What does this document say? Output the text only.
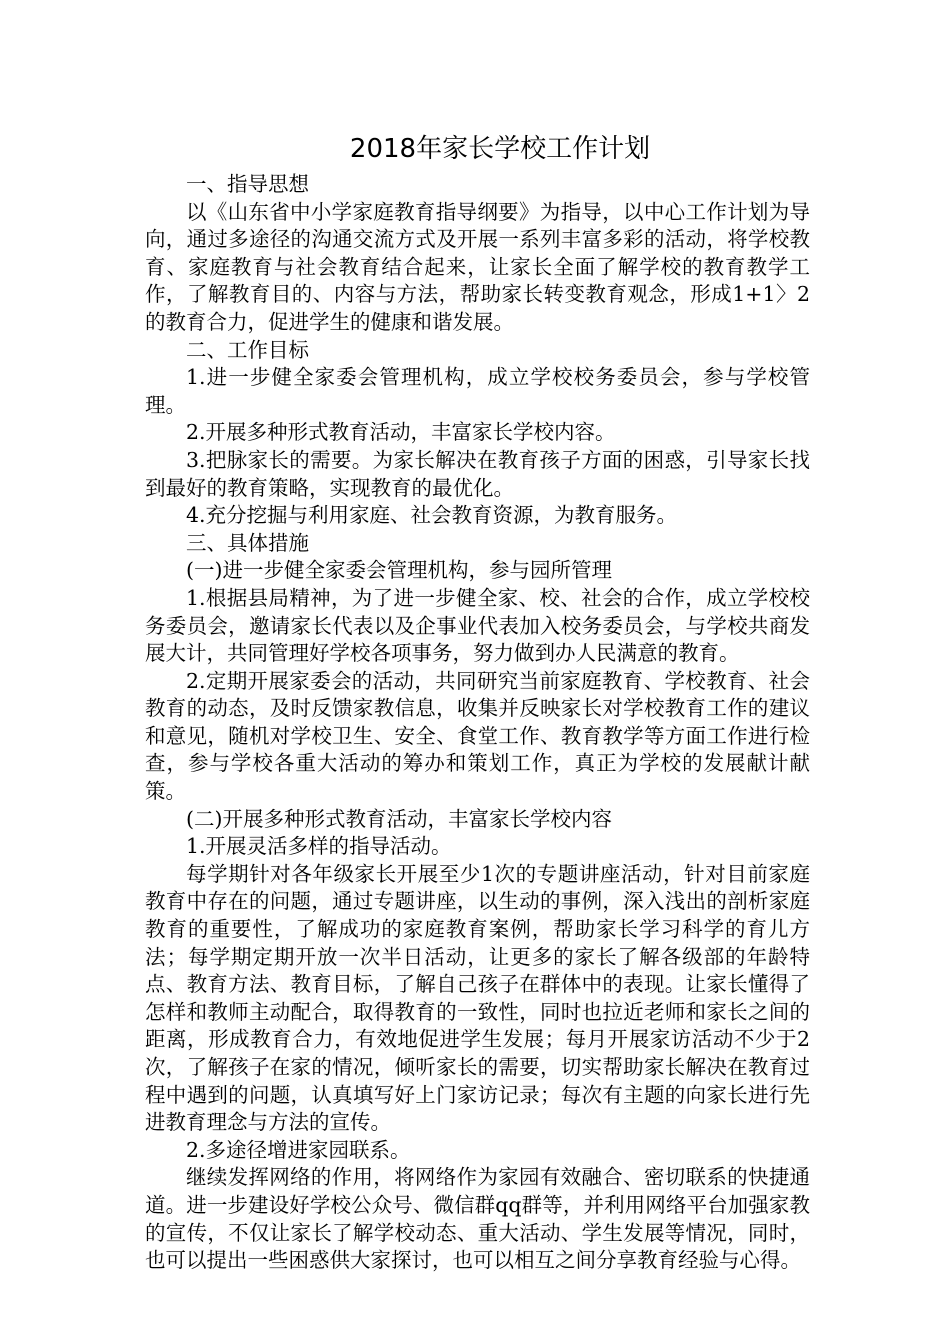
2018年家长学校工作计划

一、指导思想

以《山东省中小学家庭教育指导纲要》为指导，以中心工作计划为导向，通过多途径的沟通交流方式及开展一系列丰富多彩的活动，将学校教育、家庭教育与社会教育结合起来，让家长全面了解学校的教育教学工作，了解教育目的、内容与方法，帮助家长转变教育观念，形成1+1〉2的教育合力，促进学生的健康和谐发展。

二、工作目标

1.进一步健全家委会管理机构，成立学校校务委员会，参与学校管理。

2.开展多种形式教育活动，丰富家长学校内容。

3.把脉家长的需要。为家长解决在教育孩子方面的困惑，引导家长找到最好的教育策略，实现教育的最优化。

4.充分挖掘与利用家庭、社会教育资源，为教育服务。

三、具体措施

(一)进一步健全家委会管理机构，参与园所管理

1.根据县局精神，为了进一步健全家、校、社会的合作，成立学校校务委员会，邀请家长代表以及企事业代表加入校务委员会，与学校共商发展大计，共同管理好学校各项事务，努力做到办人民满意的教育。

2.定期开展家委会的活动，共同研究当前家庭教育、学校教育、社会教育的动态，及时反馈家教信息，收集并反映家长对学校教育工作的建议和意见，随机对学校卫生、安全、食堂工作、教育教学等方面工作进行检查，参与学校各重大活动的筹办和策划工作，真正为学校的发展献计献策。

(二)开展多种形式教育活动，丰富家长学校内容

1.开展灵活多样的指导活动。

每学期针对各年级家长开展至少1次的专题讲座活动，针对目前家庭教育中存在的问题，通过专题讲座，以生动的事例，深入浅出的剖析家庭教育的重要性，了解成功的家庭教育案例，帮助家长学习科学的育儿方法；每学期定期开放一次半日活动，让更多的家长了解各级部的年龄特点、教育方法、教育目标，了解自己孩子在群体中的表现。让家长懂得了怎样和教师主动配合，取得教育的一致性，同时也拉近老师和家长之间的距离，形成教育合力，有效地促进学生发展；每月开展家访活动不少于2次，了解孩子在家的情况，倾听家长的需要，切实帮助家长解决在教育过程中遇到的问题，认真填写好上门家访记录；每次有主题的向家长进行先进教育理念与方法的宣传。

2.多途径增进家园联系。

继续发挥网络的作用，将网络作为家园有效融合、密切联系的快捷通道。进一步建设好学校公众号、微信群qq群等，并利用网络平台加强家教的宣传，不仅让家长了解学校动态、重大活动、学生发展等情况，同时，也可以提出一些困惑供大家探讨，也可以相互之间分享教育经验与心得。
